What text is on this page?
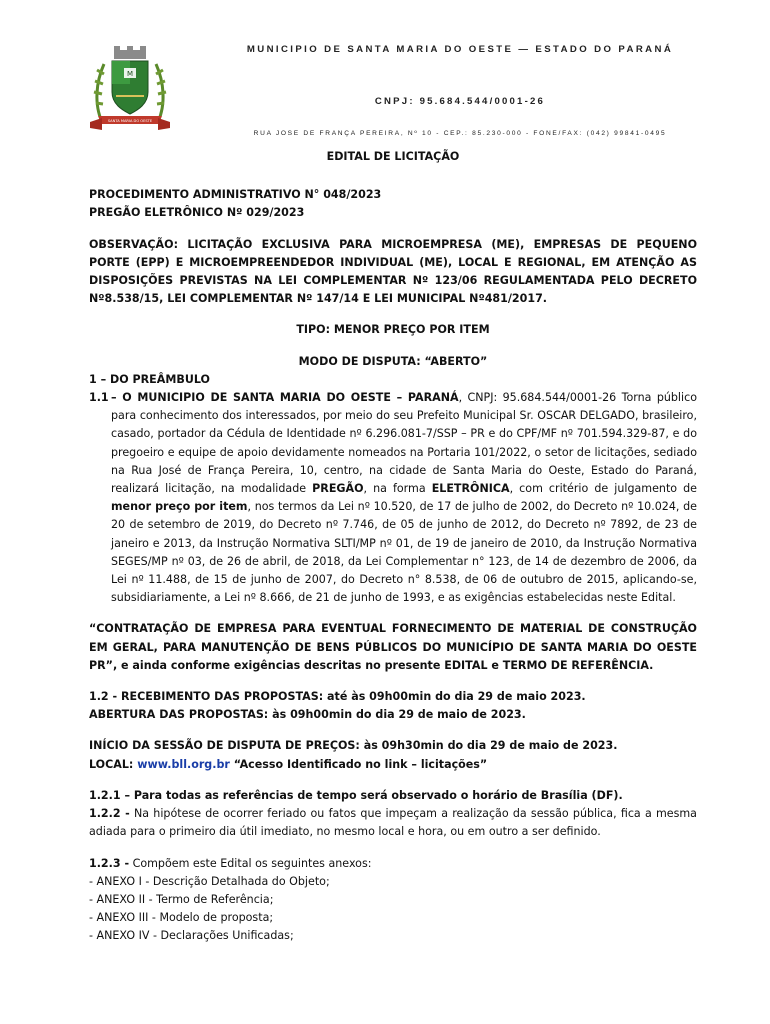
M
SANTA MARIA DO OESTE
MUNICIPIO DE SANTA MARIA DO OESTE — ESTADO DO PARANÁ
CNPJ: 95.684.544/0001-26
RUA JOSE DE FRANÇA PEREIRA, Nº 10 - CEP.: 85.230-000 - FONE/FAX: (042) 99841-0495

EDITAL DE LICITAÇÃO

PROCEDIMENTO ADMINISTRATIVO N° 048/2023

PREGÃO ELETRÔNICO Nº 029/2023

OBSERVAÇÃO: LICITAÇÃO EXCLUSIVA PARA MICROEMPRESA (ME), EMPRESAS DE PEQUENO PORTE (EPP) E MICROEMPREENDEDOR INDIVIDUAL (ME), LOCAL E REGIONAL, EM ATENÇÃO AS DISPOSIÇÕES PREVISTAS NA LEI COMPLEMENTAR Nº 123/06 REGULAMENTADA PELO DECRETO Nº8.538/15, LEI COMPLEMENTAR Nº 147/14 E LEI MUNICIPAL Nº481/2017.

TIPO: MENOR PREÇO POR ITEM

MODO DE DISPUTA: “ABERTO”

1 – DO PREÂMBULO

1.1 – O MUNICIPIO DE SANTA MARIA DO OESTE – PARANÁ, CNPJ: 95.684.544/0001-26 Torna público para conhecimento dos interessados, por meio do seu Prefeito Municipal Sr. OSCAR DELGADO, brasileiro, casado, portador da Cédula de Identidade nº 6.296.081-7/SSP – PR e do CPF/MF nº 701.594.329-87, e do pregoeiro e equipe de apoio devidamente nomeados na Portaria 101/2022, o setor de licitações, sediado na Rua José de França Pereira, 10, centro, na cidade de Santa Maria do Oeste, Estado do Paraná, realizará licitação, na modalidade PREGÃO, na forma ELETRÔNICA, com critério de julgamento de menor preço por item, nos termos da Lei nº 10.520, de 17 de julho de 2002, do Decreto nº 10.024, de 20 de setembro de 2019, do Decreto nº 7.746, de 05 de junho de 2012, do Decreto nº 7892, de 23 de janeiro e 2013, da Instrução Normativa SLTI/MP nº 01, de 19 de janeiro de 2010, da Instrução Normativa SEGES/MP nº 03, de 26 de abril, de 2018, da Lei Complementar n° 123, de 14 de dezembro de 2006, da Lei nº 11.488, de 15 de junho de 2007, do Decreto n° 8.538, de 06 de outubro de 2015, aplicando-se, subsidiariamente, a Lei nº 8.666, de 21 de junho de 1993, e as exigências estabelecidas neste Edital.

“CONTRATAÇÃO DE EMPRESA PARA EVENTUAL FORNECIMENTO DE MATERIAL DE CONSTRUÇÃO EM GERAL, PARA MANUTENÇÃO DE BENS PÚBLICOS DO MUNICÍPIO DE SANTA MARIA DO OESTE PR”, e ainda conforme exigências descritas no presente EDITAL e TERMO DE REFERÊNCIA.

1.2 - RECEBIMENTO DAS PROPOSTAS: até às 09h00min do dia 29 de maio 2023.

ABERTURA DAS PROPOSTAS: às 09h00min do dia 29 de maio de 2023.

INÍCIO DA SESSÃO DE DISPUTA DE PREÇOS: às 09h30min do dia 29 de maio de 2023.

LOCAL: www.bll.org.br “Acesso Identificado no link – licitações”

1.2.1 – Para todas as referências de tempo será observado o horário de Brasília (DF).

1.2.2 - Na hipótese de ocorrer feriado ou fatos que impeçam a realização da sessão pública, fica a mesma adiada para o primeiro dia útil imediato, no mesmo local e hora, ou em outro a ser definido.

1.2.3 - Compõem este Edital os seguintes anexos:

- ANEXO I - Descrição Detalhada do Objeto;

- ANEXO II - Termo de Referência;

- ANEXO III - Modelo de proposta;

- ANEXO IV - Declarações Unificadas;
